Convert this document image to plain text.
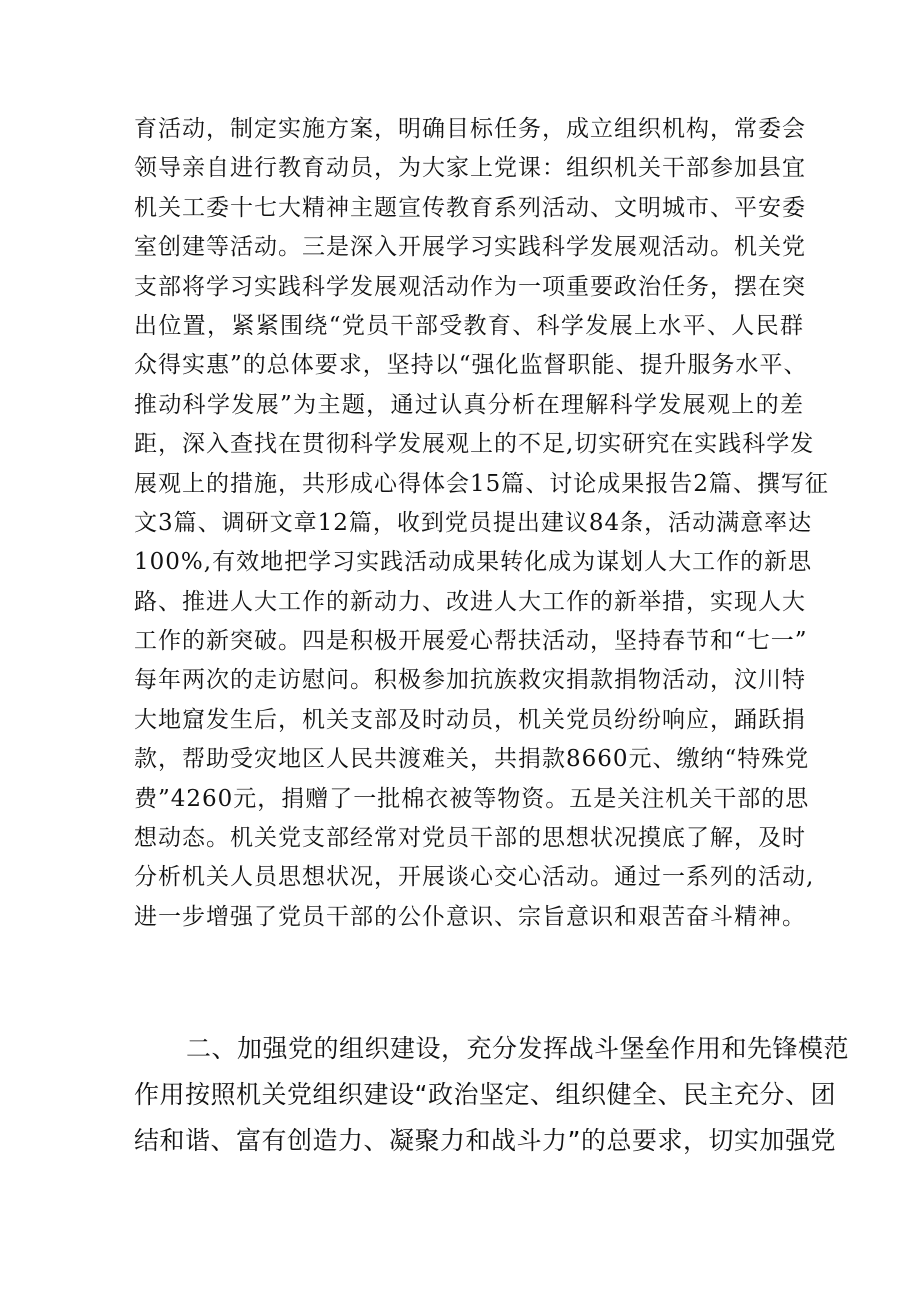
育活动，制定实施方案，明确目标任务，成立组织机构，常委会
领导亲自进行教育动员，为大家上党课：组织机关干部参加县宜
机关工委十七大精神主题宣传教育系列活动、文明城市、平安委
室创建等活动。三是深入开展学习实践科学发展观活动。机关党
支部将学习实践科学发展观活动作为一项重要政治任务，摆在突
出位置，紧紧围绕“党员干部受教育、科学发展上水平、人民群
众得实惠”的总体要求，坚持以“强化监督职能、提升服务水平、
推动科学发展”为主题，通过认真分析在理解科学发展观上的差
距，深入查找在贯彻科学发展观上的不足,切实研究在实践科学发
展观上的措施，共形成心得体会15篇、讨论成果报告2篇、撰写征
文3篇、调研文章12篇，收到党员提出建议84条，活动满意率达
100%,有效地把学习实践活动成果转化成为谋划人大工作的新思
路、推进人大工作的新动力、改进人大工作的新举措，实现人大
工作的新突破。四是积极开展爱心帮扶活动，坚持春节和“七一”
每年两次的走访慰问。积极参加抗族救灾捐款捐物活动，汶川特
大地窟发生后，机关支部及时动员，机关党员纷纷响应，踊跃捐
款，帮助受灾地区人民共渡难关，共捐款8660元、缴纳“特殊党
费”4260元，捐赠了一批棉衣被等物资。五是关注机关干部的思
想动态。机关党支部经常对党员干部的思想状况摸底了解，及时
分析机关人员思想状况，开展谈心交心活动。通过一系列的活动,
进一步增强了党员干部的公仆意识、宗旨意识和艰苦奋斗精神。
二、加强党的组织建设，充分发挥战斗堡垒作用和先锋模范
作用按照机关党组织建设“政治坚定、组织健全、民主充分、团
结和谐、富有创造力、凝聚力和战斗力”的总要求，切实加强党
